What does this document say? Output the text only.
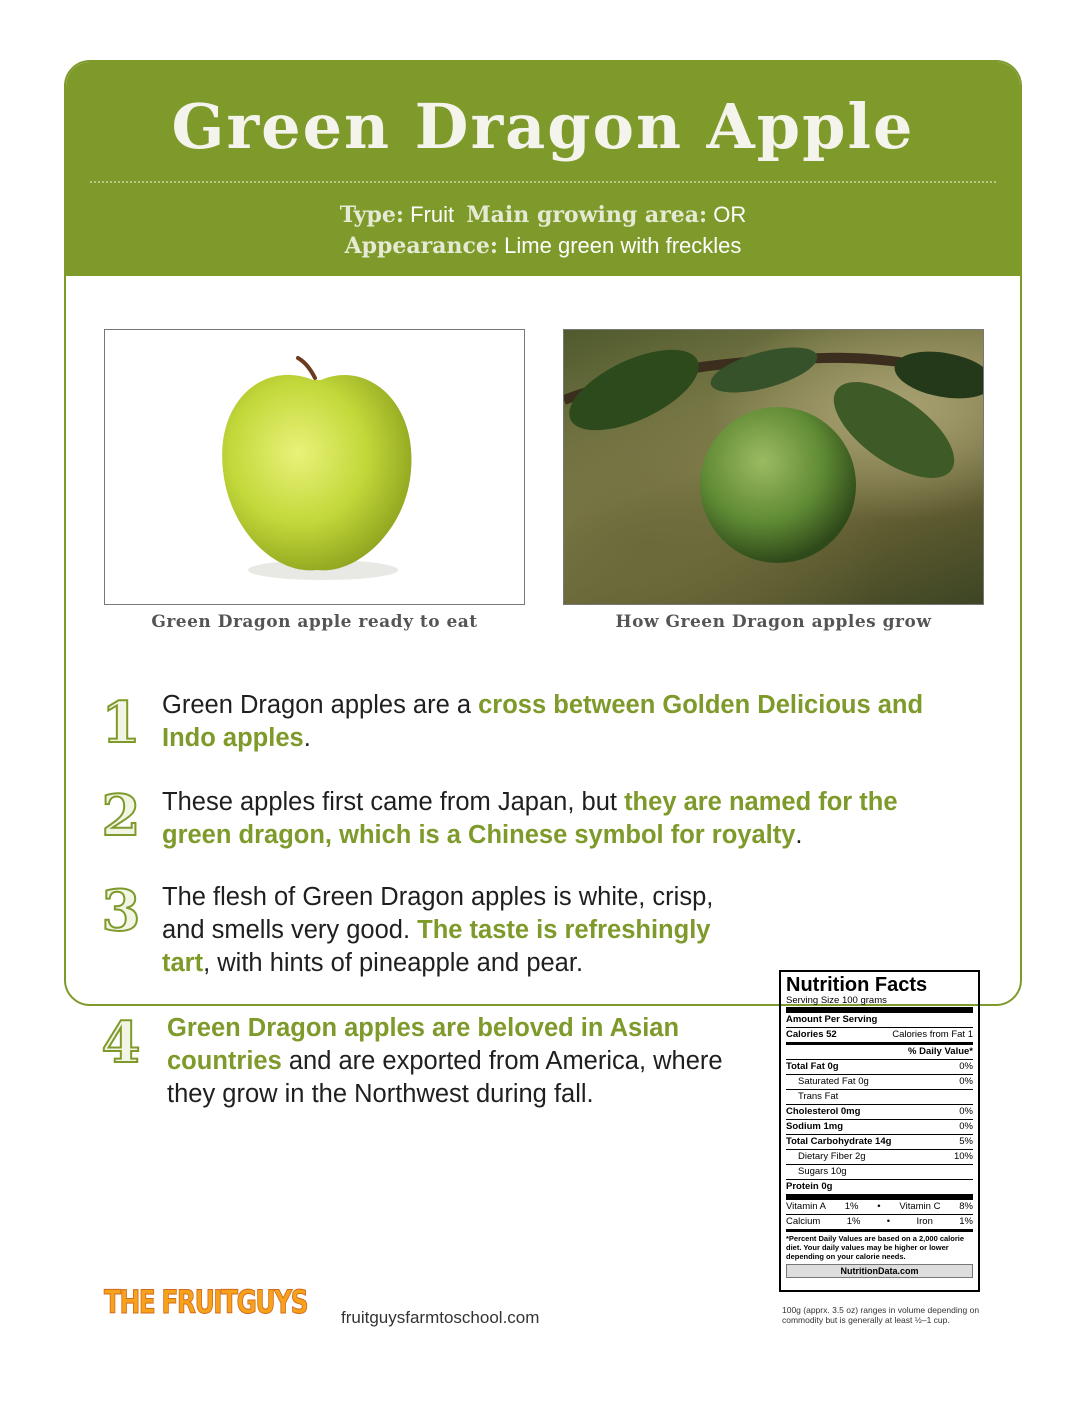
Green Dragon Apple
Type: Fruit Main growing area: OR
Appearance: Lime green with freckles
Green Dragon apple ready to eat	How Green Dragon apples grow
1 Green Dragon apples are a cross between Golden Delicious and Indo apples.
2 These apples first came from Japan, but they are named for the green dragon, which is a Chinese symbol for royalty.
3 The flesh of Green Dragon apples is white, crisp, and smells very good. The taste is refreshingly tart, with hints of pineapple and pear.
4 Green Dragon apples are beloved in Asian countries and are exported from America, where they grow in the Northwest during fall.
Nutrition Facts
Serving Size 100 grams
Amount Per Serving
Calories 52	Calories from Fat 1
% Daily Value*
Total Fat 0g	0%
Saturated Fat 0g	0%
Trans Fat
Cholesterol 0mg	0%
Sodium 1mg	0%
Total Carbohydrate 14g	5%
Dietary Fiber 2g	10%
Sugars 10g
Protein 0g
Vitamin A 1% • Vitamin C 8%
Calcium	1%	•	Iron	1%
*Percent Daily Values are based on a 2,000 calorie diet. Your daily values may be higher or lower depending on your calorie needs.
NutritionData.com
100g (apprx. 3.5 oz) ranges in volume depending on commodity but is generally at least ½–1 cup.
THE FRUITGUYS fruitguysfarmtoschool.com
